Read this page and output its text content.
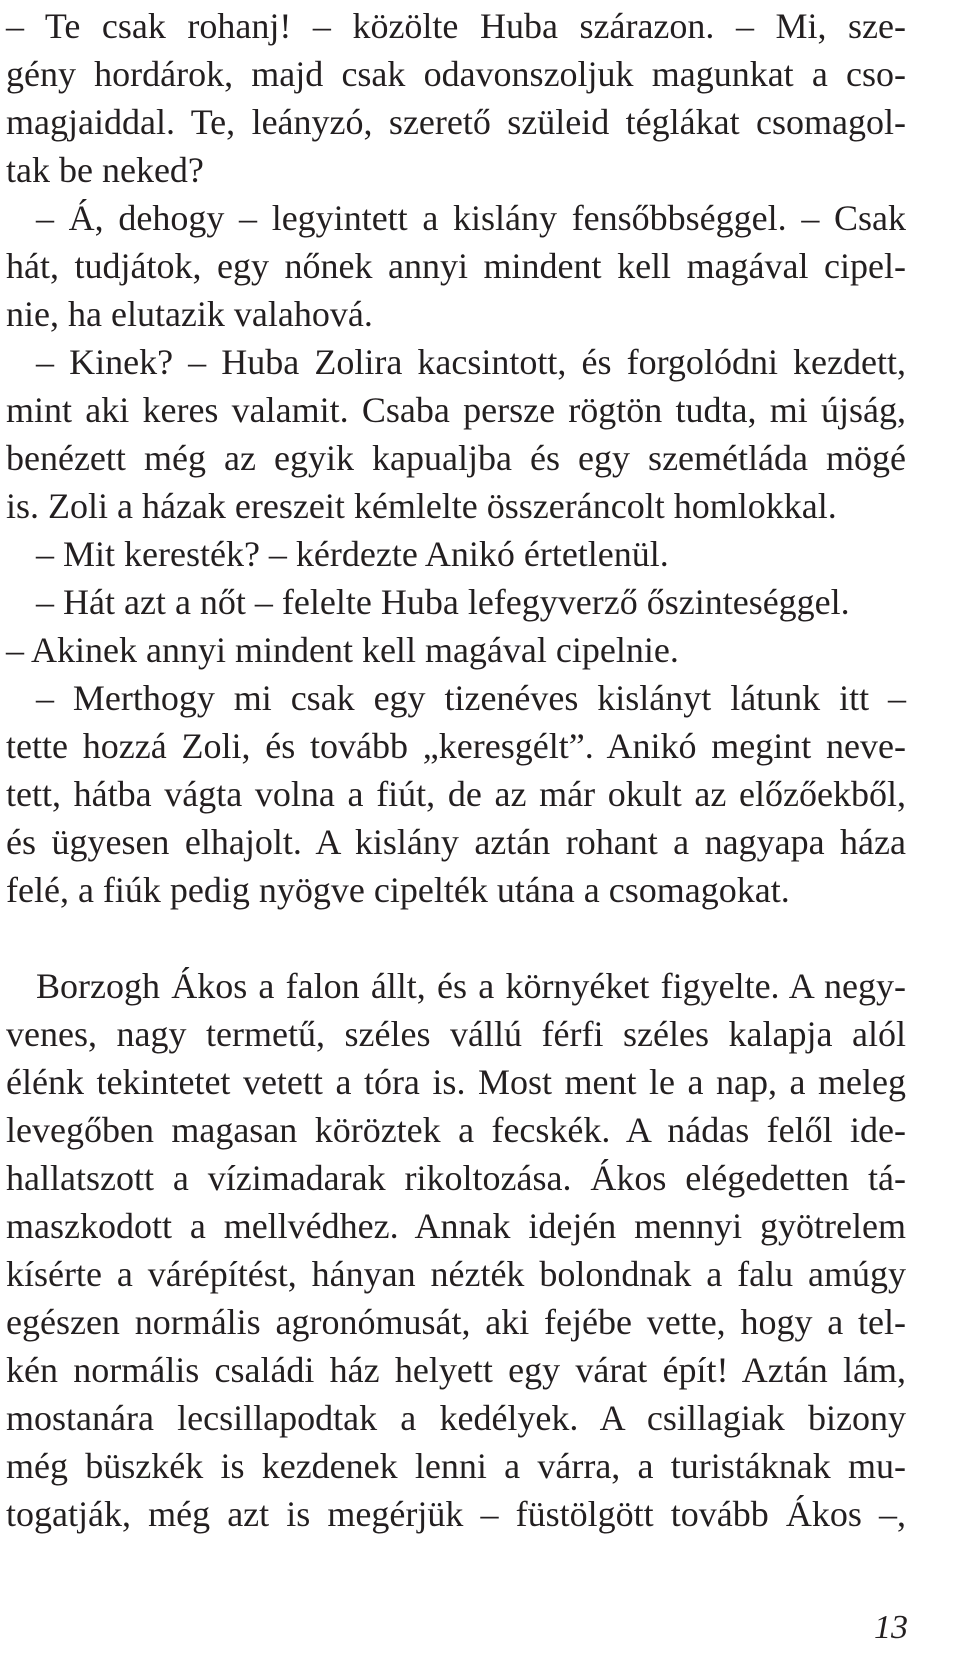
– Te csak rohanj! – közölte Huba szárazon. – Mi, sze-
gény hordárok, majd csak odavonszoljuk magunkat a cso-
magjaiddal. Te, leányzó, szerető szüleid téglákat csomagol-
tak be neked?
– Á, dehogy – legyintett a kislány fensőbbséggel. – Csak
hát, tudjátok, egy nőnek annyi mindent kell magával cipel-
nie, ha elutazik valahová.
– Kinek? – Huba Zolira kacsintott, és forgolódni kezdett,
mint aki keres valamit. Csaba persze rögtön tudta, mi újság,
benézett még az egyik kapualjba és egy szemétláda mögé
is. Zoli a házak ereszeit kémlelte összeráncolt homlokkal.
– Mit keresték? – kérdezte Anikó értetlenül.
– Hát azt a nőt – felelte Huba lefegyverző őszinteséggel.
– Akinek annyi mindent kell magával cipelnie.
– Merthogy mi csak egy tizenéves kislányt látunk itt –
tette hozzá Zoli, és tovább „keresgélt”. Anikó megint neve-
tett, hátba vágta volna a fiút, de az már okult az előzőekből,
és ügyesen elhajolt. A kislány aztán rohant a nagyapa háza
felé, a fiúk pedig nyögve cipelték utána a csomagokat.
Borzogh Ákos a falon állt, és a környéket figyelte. A negy-
venes, nagy termetű, széles vállú férfi széles kalapja alól
élénk tekintetet vetett a tóra is. Most ment le a nap, a meleg
levegőben magasan köröztek a fecskék. A nádas felől ide-
hallatszott a vízimadarak rikoltozása. Ákos elégedetten tá-
maszkodott a mellvédhez. Annak idején mennyi gyötrelem
kísérte a várépítést, hányan nézték bolondnak a falu amúgy
egészen normális agronómusát, aki fejébe vette, hogy a tel-
kén normális családi ház helyett egy várat épít! Aztán lám,
mostanára lecsillapodtak a kedélyek. A csillagiak bizony
még büszkék is kezdenek lenni a várra, a turistáknak mu-
togatják, még azt is megérjük – füstölgött tovább Ákos –,
13
